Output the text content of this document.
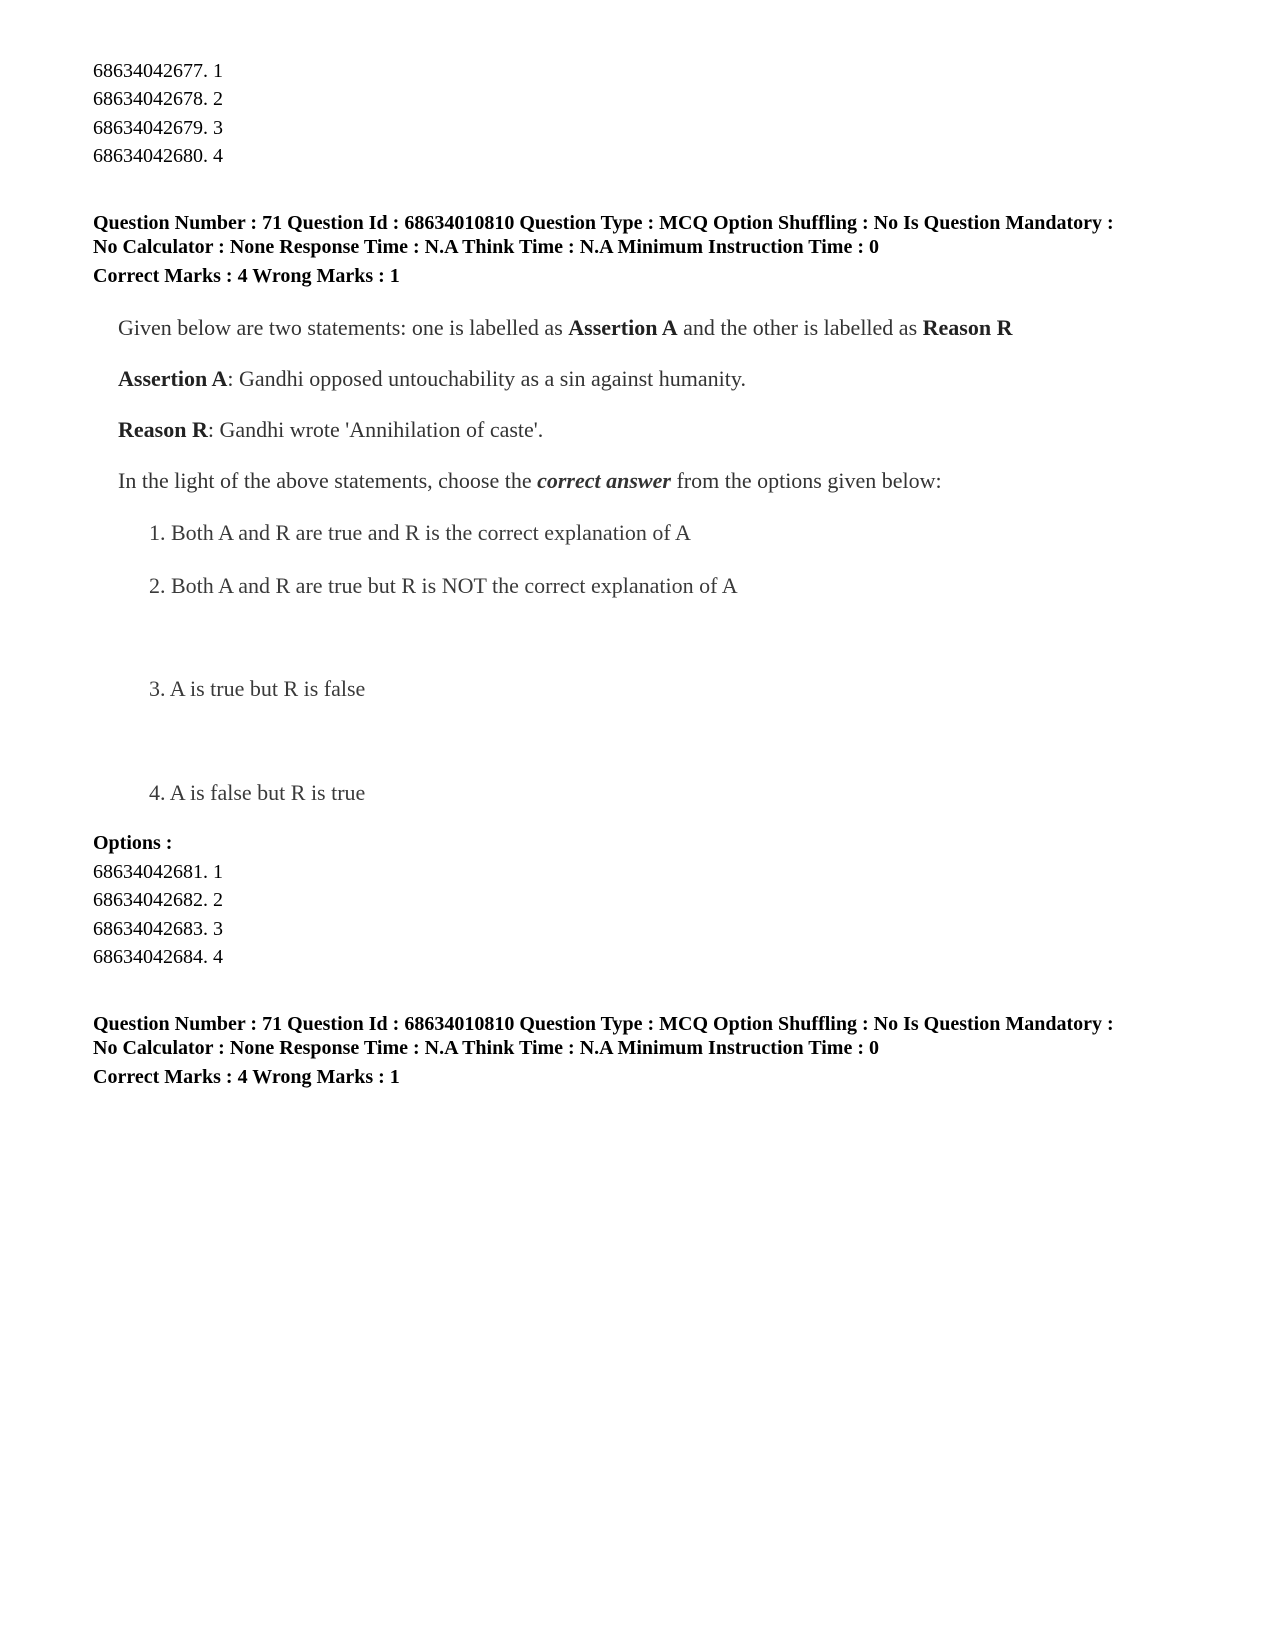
68634042677. 1
68634042678. 2
68634042679. 3
68634042680. 4
Question Number : 71 Question Id : 68634010810 Question Type : MCQ Option Shuffling : No Is Question Mandatory :
No Calculator : None Response Time : N.A Think Time : N.A Minimum Instruction Time : 0
Correct Marks : 4 Wrong Marks : 1
Given below are two statements: one is labelled as Assertion A and the other is labelled as Reason R
Assertion A: Gandhi opposed untouchability as a sin against humanity.
Reason R: Gandhi wrote 'Annihilation of caste'.
In the light of the above statements, choose the correct answer from the options given below:
1. Both A and R are true and R is the correct explanation of A
2. Both A and R are true but R is NOT the correct explanation of A
3. A is true but R is false
4. A is false but R is true
Options :
68634042681. 1
68634042682. 2
68634042683. 3
68634042684. 4
Question Number : 71 Question Id : 68634010810 Question Type : MCQ Option Shuffling : No Is Question Mandatory :
No Calculator : None Response Time : N.A Think Time : N.A Minimum Instruction Time : 0
Correct Marks : 4 Wrong Marks : 1
